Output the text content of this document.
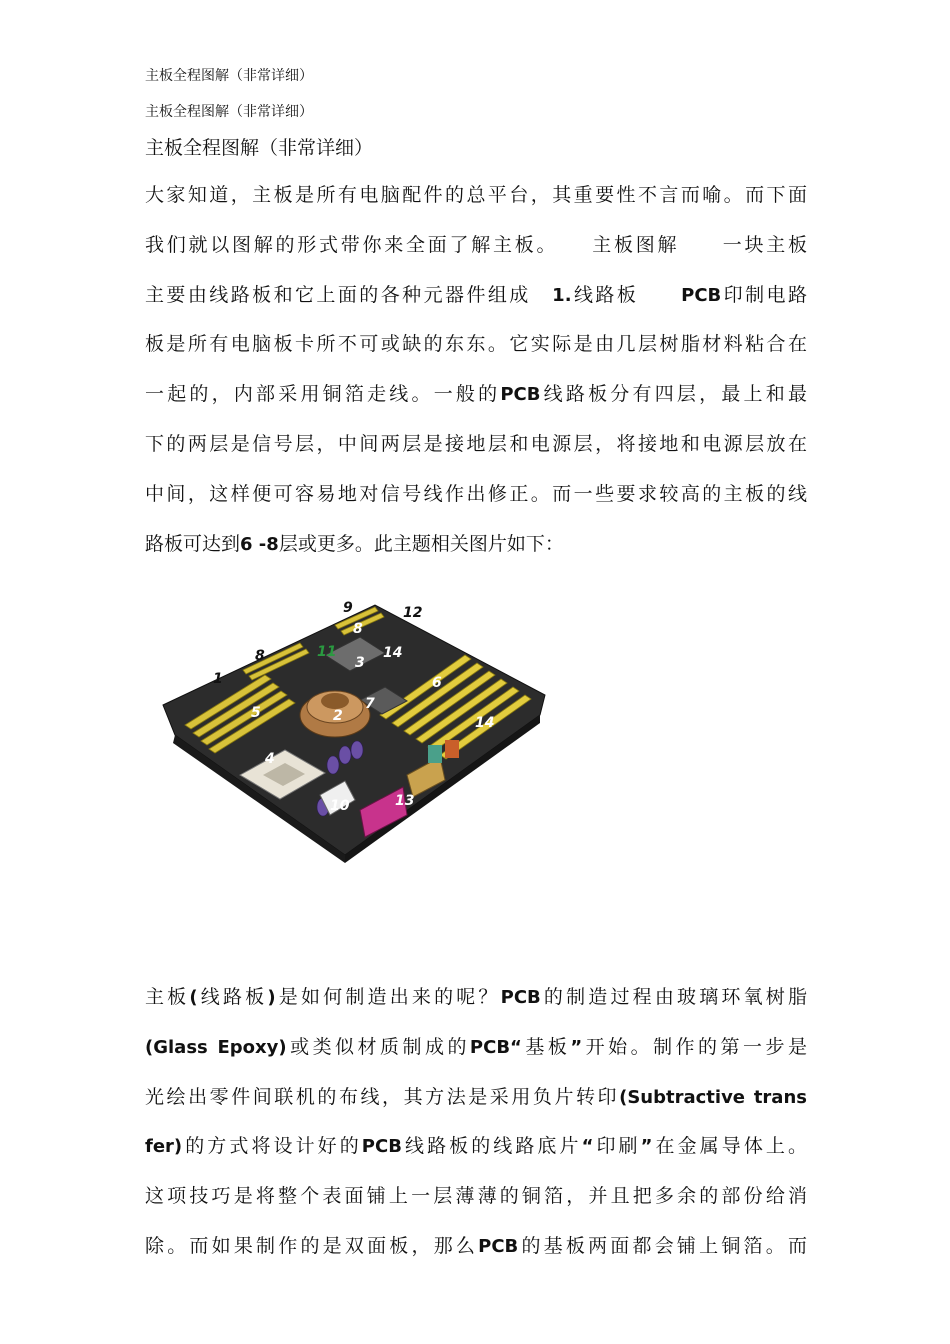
主板全程图解（非常详细）
主板全程图解（非常详细）
主板全程图解（非常详细）
大家知道，主板是所有电脑配件的总平台，其重要性不言而喻。而下面
我们就以图解的形式带你来全面了解主板。　　主板图解　　一块主板
主要由线路板和它上面的各种元器件组成　1.线路板　　PCB印制电路
板是所有电脑板卡所不可或缺的东东。它实际是由几层树脂材料粘合在
一起的，内部采用铜箔走线。一般的PCB线路板分有四层，最上和最
下的两层是信号层，中间两层是接地层和电源层，将接地和电源层放在
中间，这样便可容易地对信号线作出修正。而一些要求较高的主板的线
路板可达到6 -8层或更多。此主题相关图片如下：
1
2
3
4
5
6
7
8
8
9
10
11
12
13
14
14
主板(线路板)是如何制造出来的呢？PCB的制造过程由玻璃环氧树脂
(Glass Epoxy)或类似材质制成的PCB“基板”开始。制作的第一步是
光绘出零件间联机的布线，其方法是采用负片转印(Subtractive trans
fer)的方式将设计好的PCB线路板的线路底片“印刷”在金属导体上。
这项技巧是将整个表面铺上一层薄薄的铜箔，并且把多余的部份给消
除。而如果制作的是双面板，那么PCB的基板两面都会铺上铜箔。而
